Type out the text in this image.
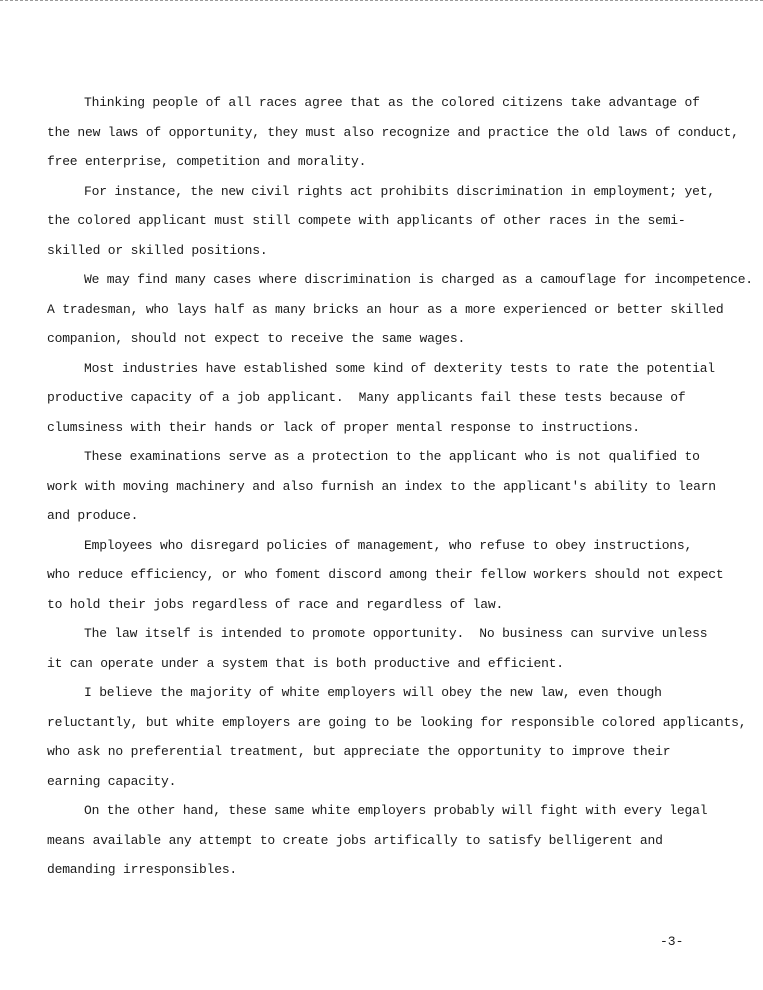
Thinking people of all races agree that as the colored citizens take advantage of
the new laws of opportunity, they must also recognize and practice the old laws of conduct,
free enterprise, competition and morality.

For instance, the new civil rights act prohibits discrimination in employment; yet,
the colored applicant must still compete with applicants of other races in the semi-
skilled or skilled positions.

We may find many cases where discrimination is charged as a camouflage for incompetence.
A tradesman, who lays half as many bricks an hour as a more experienced or better skilled
companion, should not expect to receive the same wages.

Most industries have established some kind of dexterity tests to rate the potential
productive capacity of a job applicant.  Many applicants fail these tests because of
clumsiness with their hands or lack of proper mental response to instructions.

These examinations serve as a protection to the applicant who is not qualified to
work with moving machinery and also furnish an index to the applicant's ability to learn
and produce.

Employees who disregard policies of management, who refuse to obey instructions,
who reduce efficiency, or who foment discord among their fellow workers should not expect
to hold their jobs regardless of race and regardless of law.

The law itself is intended to promote opportunity.  No business can survive unless
it can operate under a system that is both productive and efficient.

I believe the majority of white employers will obey the new law, even though
reluctantly, but white employers are going to be looking for responsible colored applicants,
who ask no preferential treatment, but appreciate the opportunity to improve their
earning capacity.

On the other hand, these same white employers probably will fight with every legal
means available any attempt to create jobs artifically to satisfy belligerent and
demanding irresponsibles.

-3-
